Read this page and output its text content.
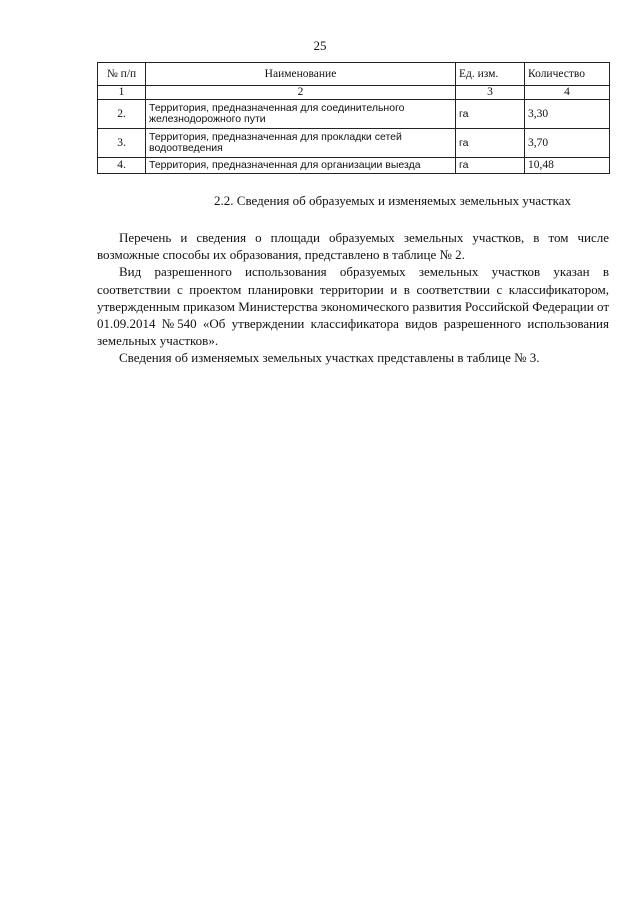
25
№ п/п	Наименование	Ед. изм.	Количество
1	2	3	4
2.	Территория, предназначенная для соединительного железнодорожного пути	га	3,30
3.	Территория, предназначенная для прокладки сетей водоотведения	га	3,70
4.	Территория, предназначенная для организации выезда	га	10,48
2.2. Сведения об образуемых и изменяемых земельных участках

Перечень и сведения о площади образуемых земельных участков, в том числе возможные способы их образования, представлено в таблице № 2.

Вид разрешенного использования образуемых земельных участков указан в соответствии с проектом планировки территории и в соответствии с классификатором, утвержденным приказом Министерства экономического развития Российской Федерации от 01.09.2014 №540 «Об утверждении классификатора видов разрешенного использования земельных участков».

Сведения об изменяемых земельных участках представлены в таблице № 3.
